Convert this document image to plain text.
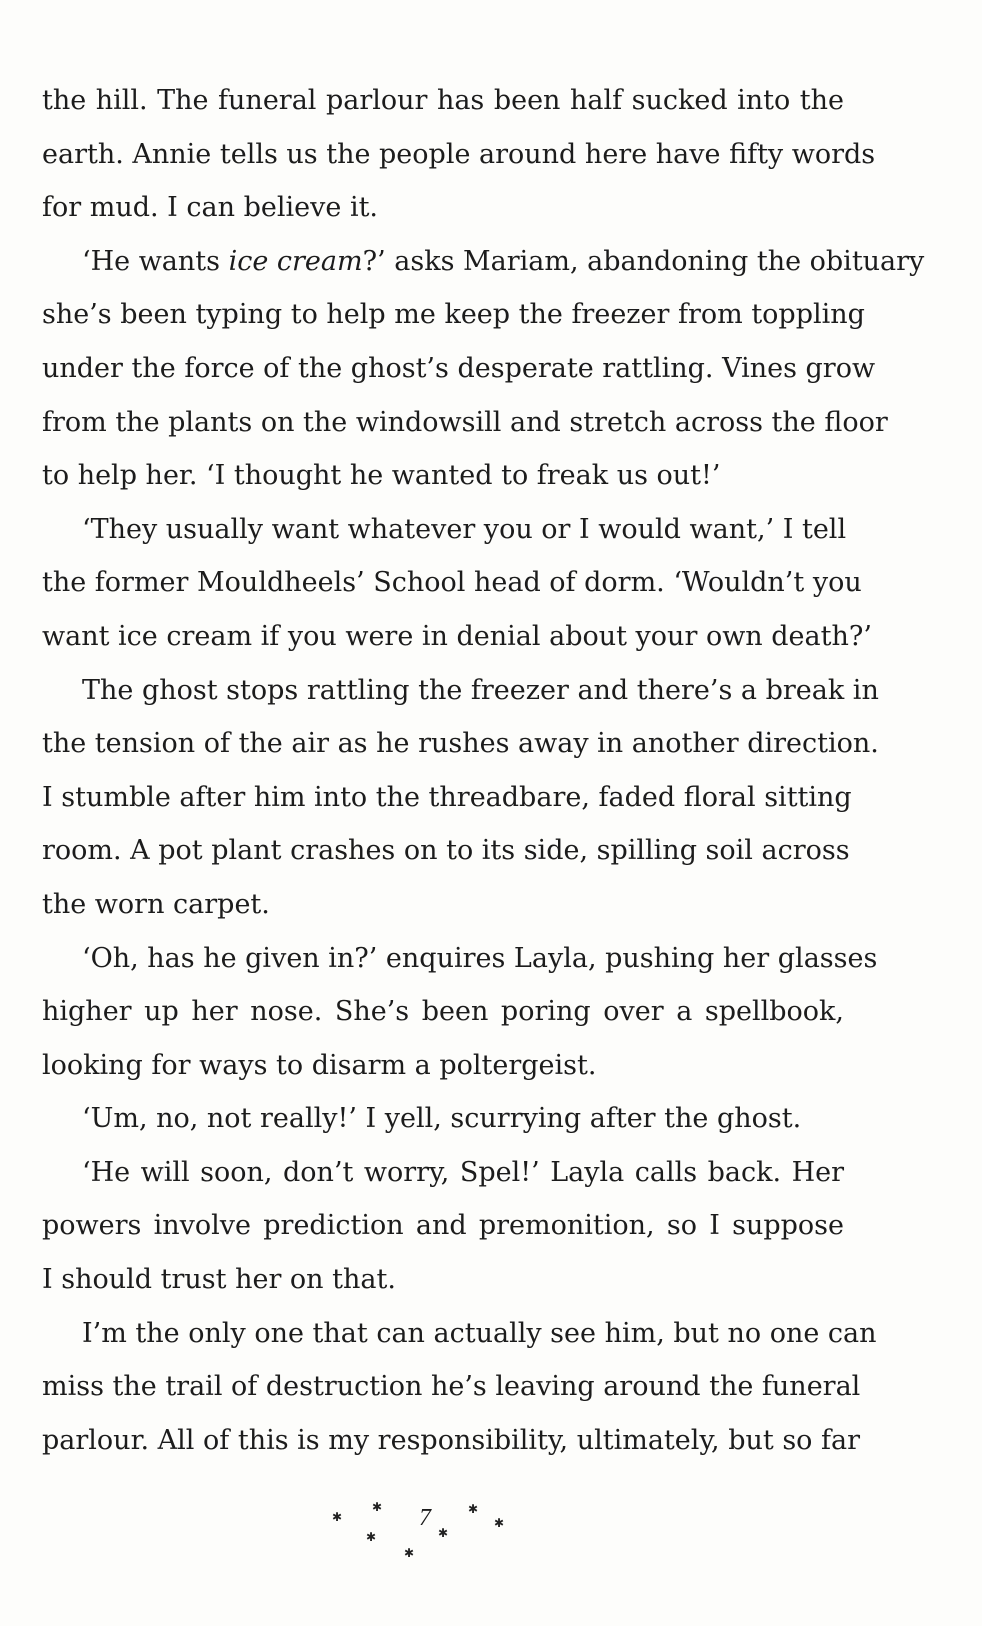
the hill. The funeral parlour has been half sucked into the
earth. Annie tells us the people around here have fifty words
for mud. I can believe it.
‘He wants ice cream?’ asks Mariam, abandoning the obituary
she’s been typing to help me keep the freezer from toppling
under the force of the ghost’s desperate rattling. Vines grow
from the plants on the windowsill and stretch across the floor
to help her. ‘I thought he wanted to freak us out!’
‘They usually want whatever you or I would want,’ I tell
the former Mouldheels’ School head of dorm. ‘Wouldn’t you
want ice cream if you were in denial about your own death?’
The ghost stops rattling the freezer and there’s a break in
the tension of the air as he rushes away in another direction.
I stumble after him into the threadbare, faded floral sitting
room. A pot plant crashes on to its side, spilling soil across
the worn carpet.
‘Oh, has he given in?’ enquires Layla, pushing her glasses
higher up her nose. She’s been poring over a spellbook,
looking for ways to disarm a poltergeist.
‘Um, no, not really!’ I yell, scurrying after the ghost.
‘He will soon, don’t worry, Spel!’ Layla calls back. Her
powers involve prediction and premonition, so I suppose
I should trust her on that.
I’m the only one that can actually see him, but no one can
miss the trail of destruction he’s leaving around the funeral
parlour. All of this is my responsibility, ultimately, but so far
✱
✱
✱
✱
7
✱
✱
✱
